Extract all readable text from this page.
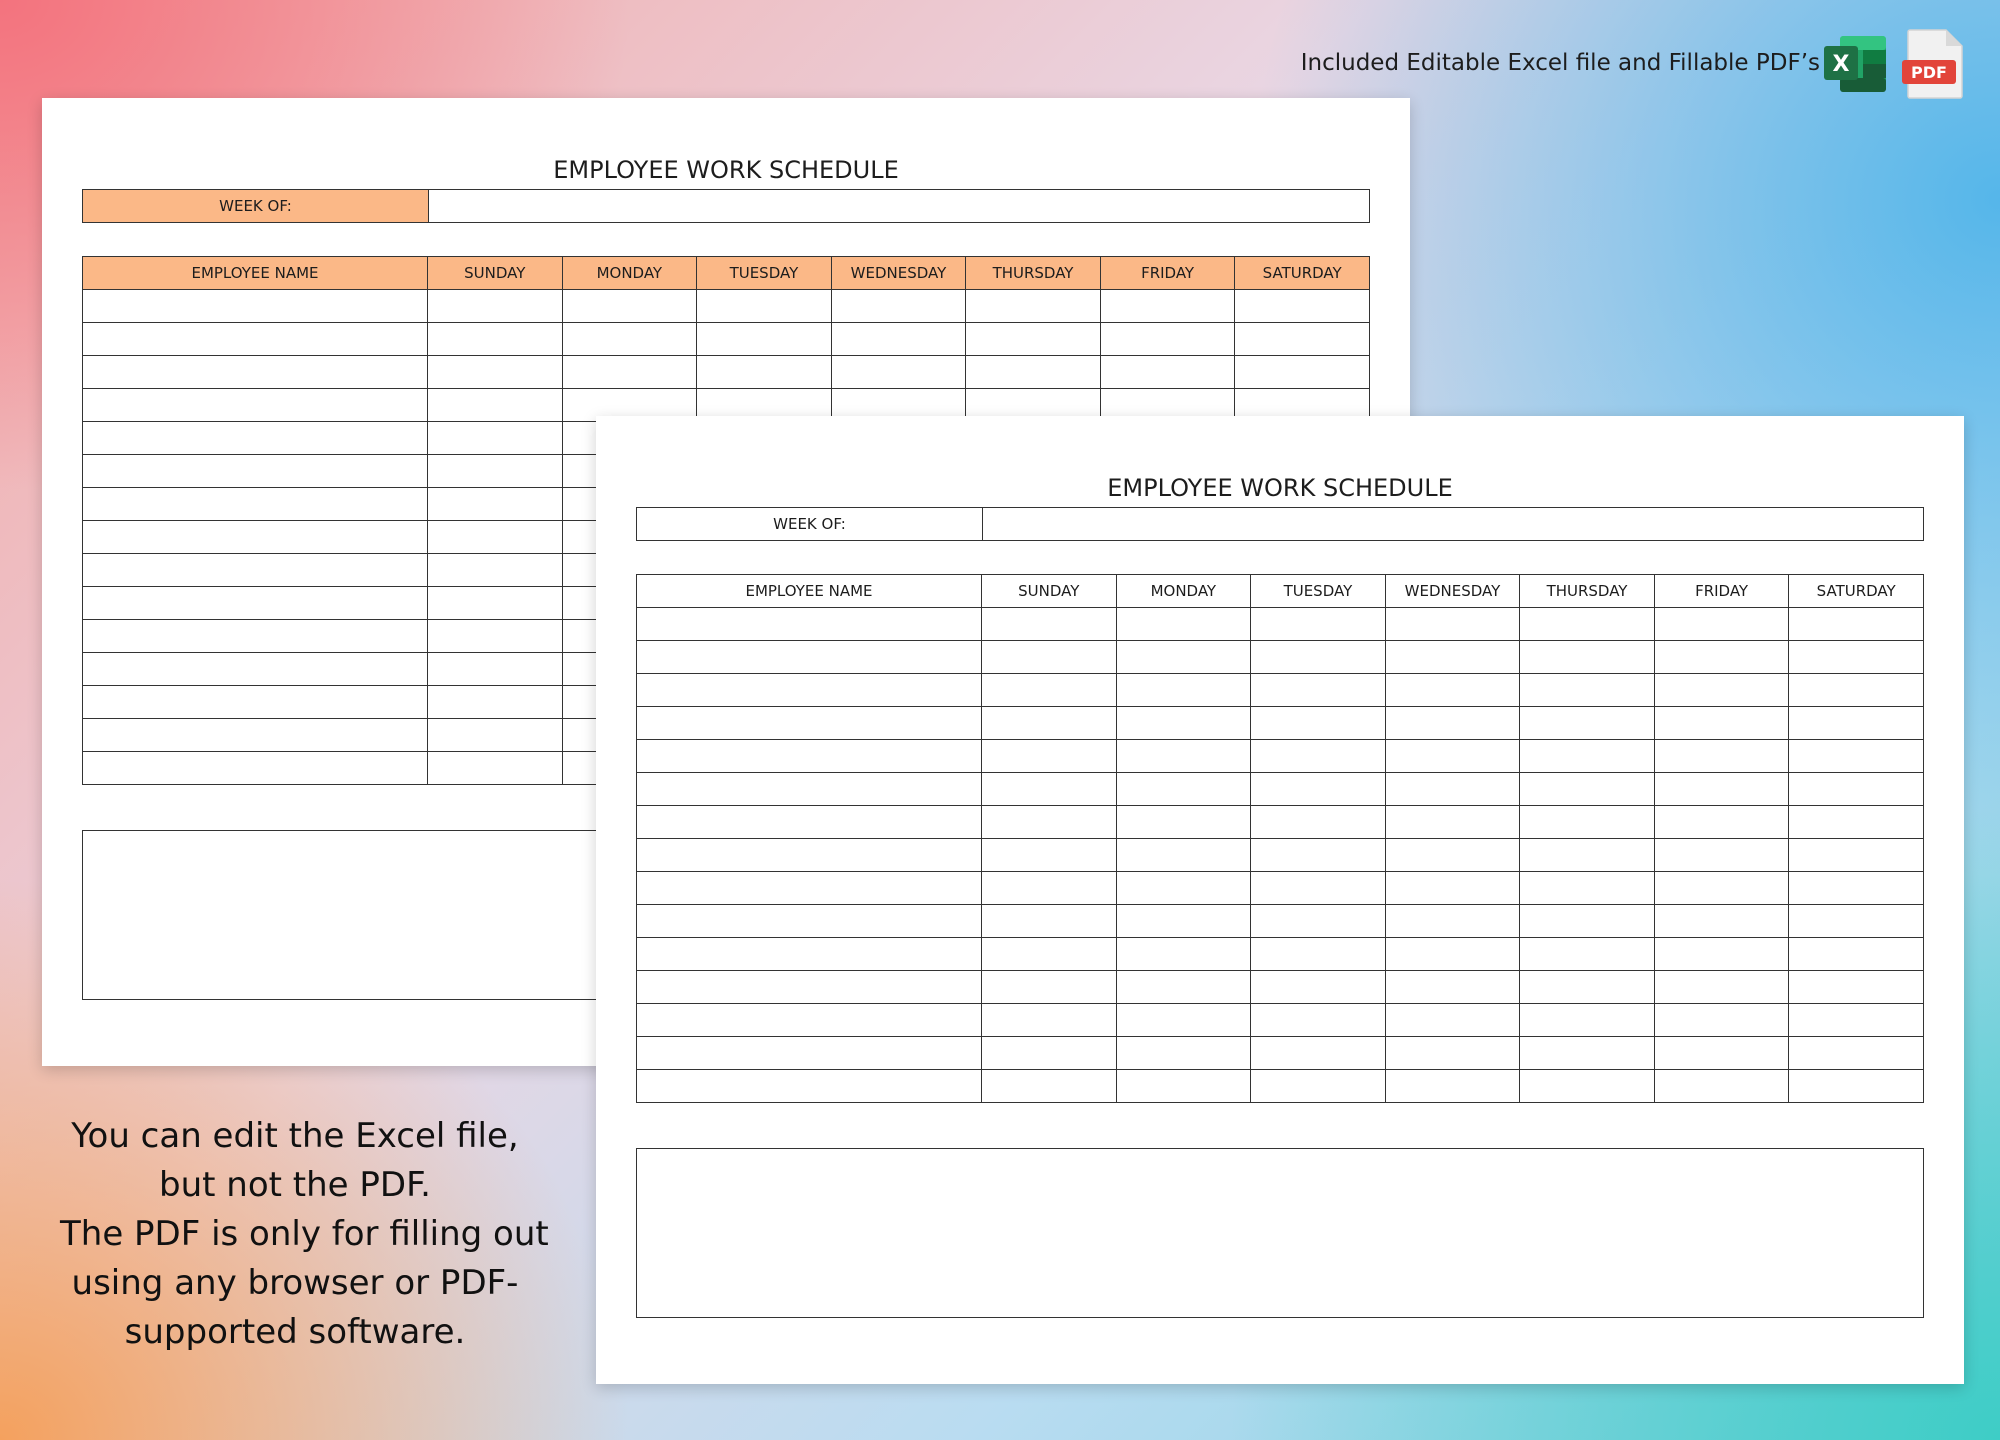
EMPLOYEE WORK SCHEDULE
WEEK OF:
EMPLOYEE NAME	SUNDAY	MONDAY	TUESDAY	WEDNESDAY	THURSDAY	FRIDAY	SATURDAY

EMPLOYEE WORK SCHEDULE
WEEK OF:
EMPLOYEE NAME	SUNDAY	MONDAY	TUESDAY	WEDNESDAY	THURSDAY	FRIDAY	SATURDAY

You can edit the Excel file,
but not the PDF.
The PDF is only for filling out
using any browser or PDF-
supported software.
Included Editable Excel file and Fillable PDF’s X	PDF
